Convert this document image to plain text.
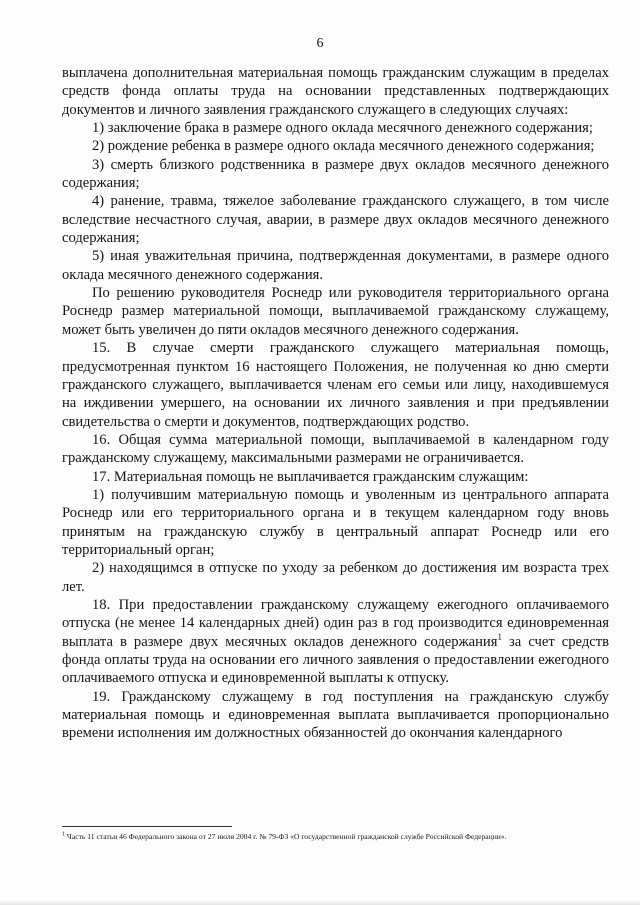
6

выплачена дополнительная материальная помощь гражданским служащим в пределах средств фонда оплаты труда на основании представленных подтверждающих документов и личного заявления гражданского служащего в следующих случаях:

1) заключение брака в размере одного оклада месячного денежного содержания;

2) рождение ребенка в размере одного оклада месячного денежного содержания;

3) смерть близкого родственника в размере двух окладов месячного денежного содержания;

4) ранение, травма, тяжелое заболевание гражданского служащего, в том числе вследствие несчастного случая, аварии, в размере двух окладов месячного денежного содержания;

5) иная уважительная причина, подтвержденная документами, в размере одного оклада месячного денежного содержания.

По решению руководителя Роснедр или руководителя территориального органа Роснедр размер материальной помощи, выплачиваемой гражданскому служащему, может быть увеличен до пяти окладов месячного денежного содержания.

15. В случае смерти гражданского служащего материальная помощь, предусмотренная пунктом 16 настоящего Положения, не полученная ко дню смерти гражданского служащего, выплачивается членам его семьи или лицу, находившемуся на иждивении умершего, на основании их личного заявления и при предъявлении свидетельства о смерти и документов, подтверждающих родство.

16. Общая сумма материальной помощи, выплачиваемой в календарном году гражданскому служащему, максимальными размерами не ограничивается.

17. Материальная помощь не выплачивается гражданским служащим:

1) получившим материальную помощь и уволенным из центрального аппарата Роснедр или его территориального органа и в текущем календарном году вновь принятым на гражданскую службу в центральный аппарат Роснедр или его территориальный орган;

2) находящимся в отпуске по уходу за ребенком до достижения им возраста трех лет.

18. При предоставлении гражданскому служащему ежегодного оплачиваемого отпуска (не менее 14 календарных дней) один раз в год производится единовременная выплата в размере двух месячных окладов денежного содержания$^1$ за счет средств фонда оплаты труда на основании его личного заявления о предоставлении ежегодного оплачиваемого отпуска и единовременной выплаты к отпуску.

19. Гражданскому служащему в год поступления на гражданскую службу материальная помощь и единовременная выплата выплачивается пропорционально времени исполнения им должностных обязанностей до окончания календарного

$^1$ Часть 11 статьи 46 Федерального закона от 27 июля 2004 г. № 79-ФЗ «О государственной гражданской службе Российской Федерации».
